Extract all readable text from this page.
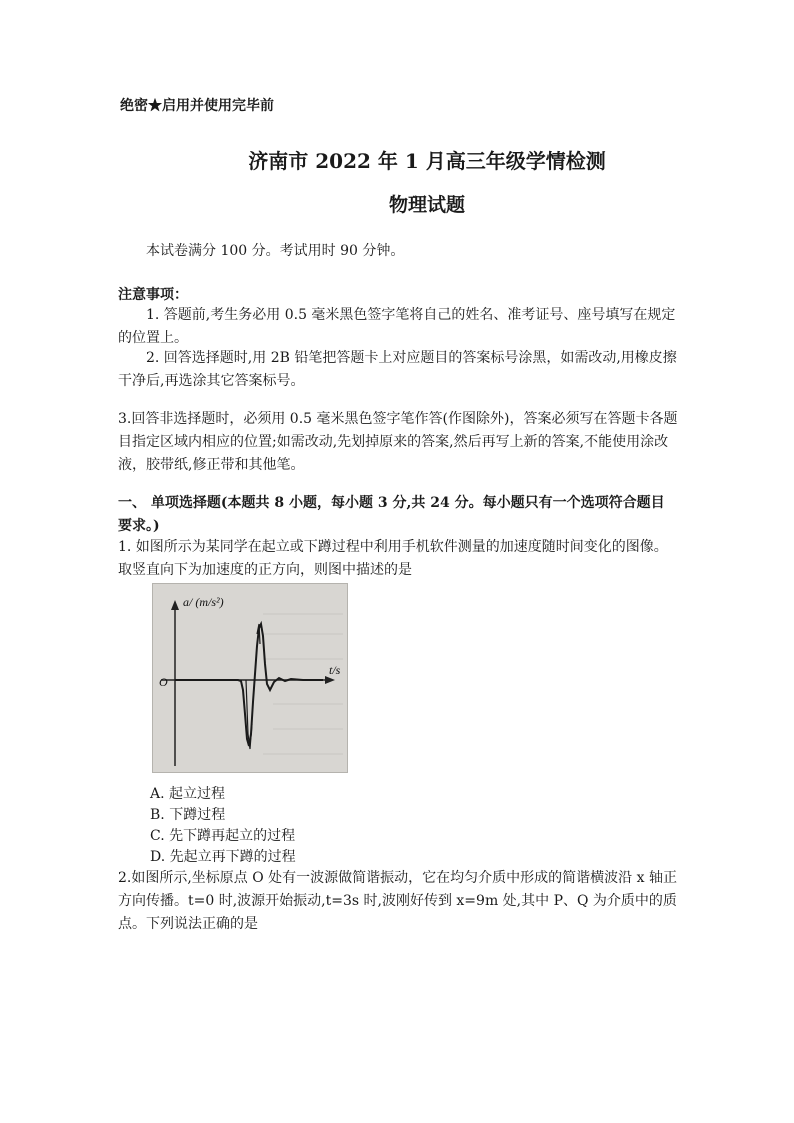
绝密★启用并使用完毕前
济南市 2022 年 1 月高三年级学情检测
物理试题
本试卷满分 100 分。考试用时 90 分钟。
注意事项：
1. 答题前,考生务必用 0.5 毫米黑色签字笔将自己的姓名、准考证号、座号填写在规定的位置上。
2. 回答选择题时,用 2B 铅笔把答题卡上对应题目的答案标号涂黑，如需改动,用橡皮擦干净后,再选涂其它答案标号。
3.回答非选择题时，必须用 0.5 毫米黑色签字笔作答(作图除外)，答案必须写在答题卡各题目指定区域内相应的位置;如需改动,先划掉原来的答案,然后再写上新的答案,不能使用涂改液，胶带纸,修正带和其他笔。
一、 单项选择题(本题共 8 小题，每小题 3 分,共 24 分。每小题只有一个选项符合题目要求。)
1. 如图所示为某同学在起立或下蹲过程中利用手机软件测量的加速度随时间变化的图像。取竖直向下为加速度的正方向，则图中描述的是
a/ (m/s²)
t/s
O
A. 起立过程
B. 下蹲过程
C. 先下蹲再起立的过程
D. 先起立再下蹲的过程
2.如图所示,坐标原点 O 处有一波源做简谐振动，它在均匀介质中形成的简谐横波沿 x 轴正方向传播。t=0 时,波源开始振动,t=3s 时,波刚好传到 x=9m 处,其中 P、Q 为介质中的质点。下列说法正确的是
